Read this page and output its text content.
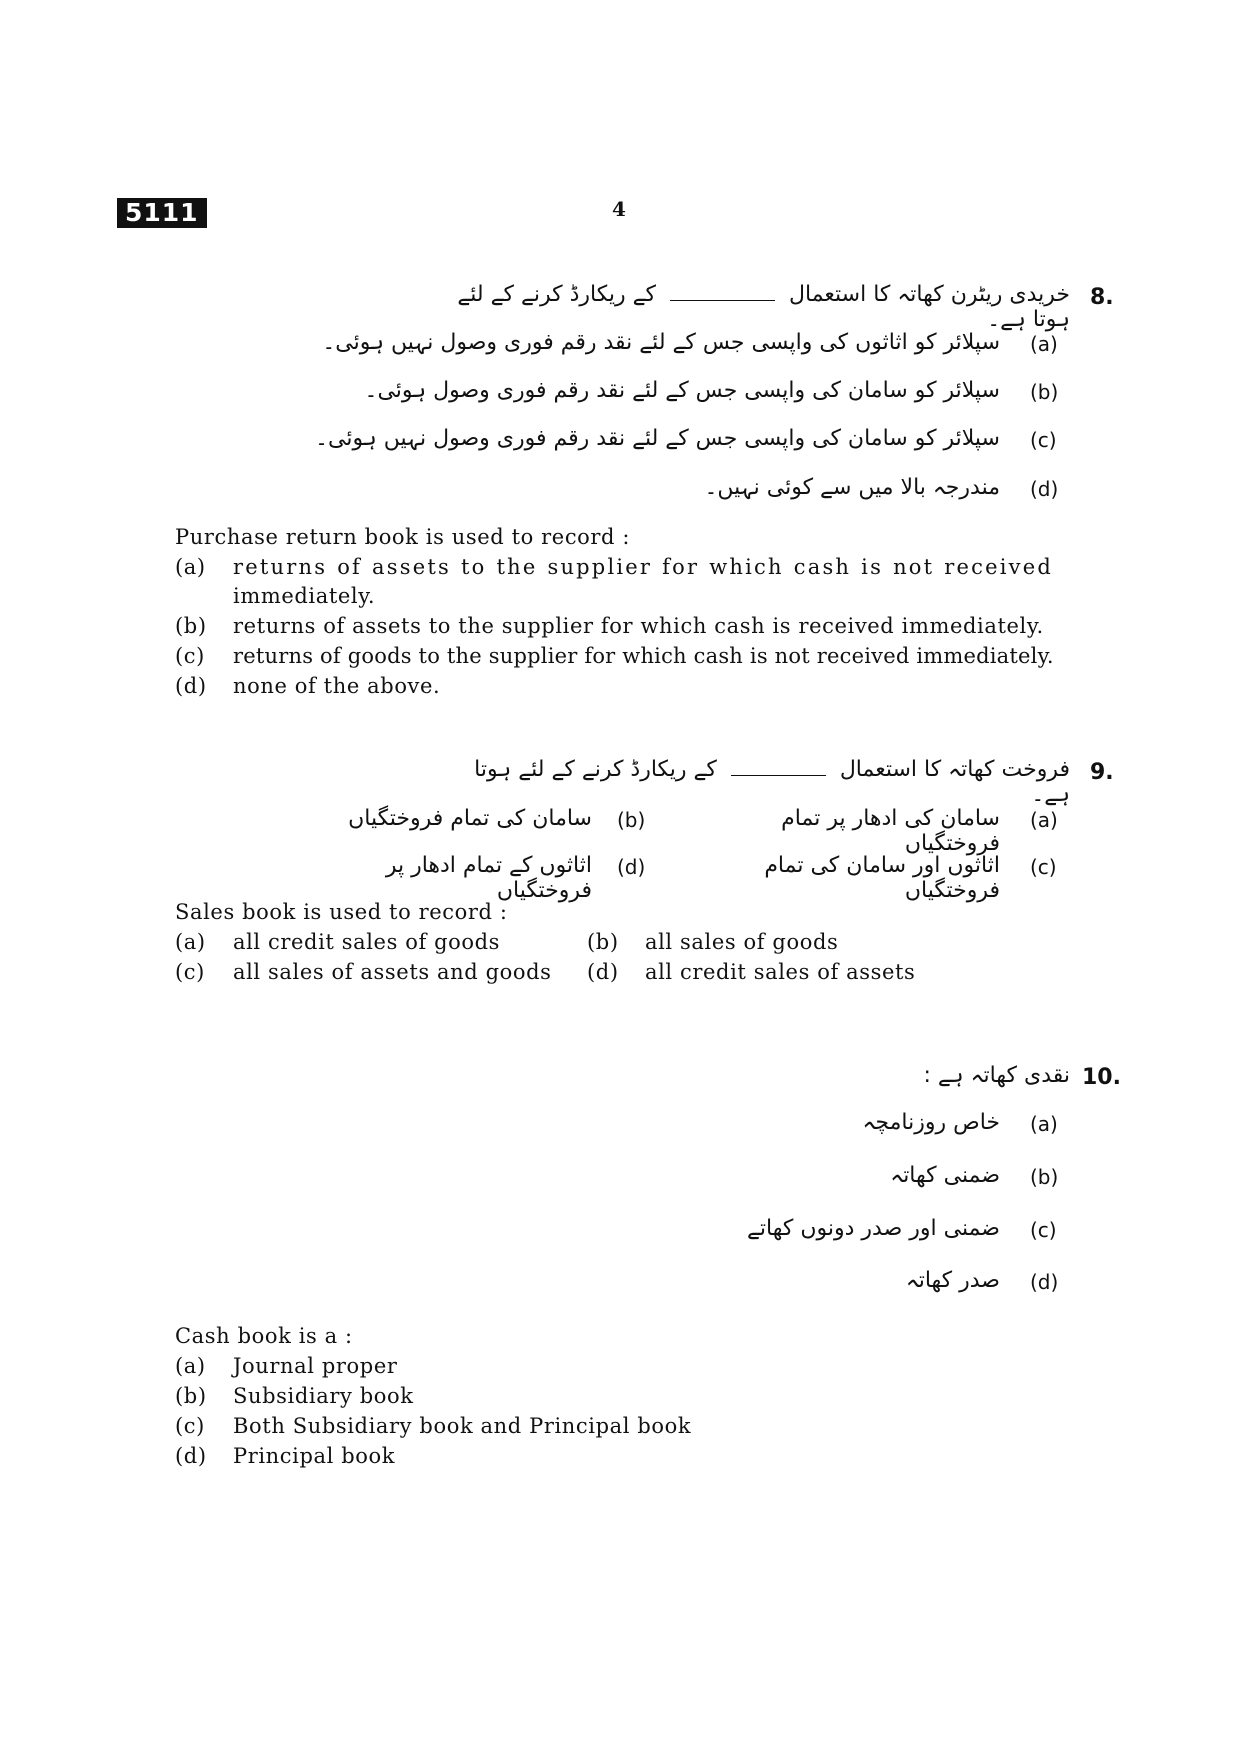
5111	4
8.
خریدی ریٹرن کھاتہ کا استعمالکے ریکارڈ کرنے کے لئے ہوتا ہے۔
(a)
سپلائر کو اثاثوں کی واپسی جس کے لئے نقد رقم فوری وصول نہیں ہوئی۔
(b)
سپلائر کو سامان کی واپسی جس کے لئے نقد رقم فوری وصول ہوئی۔
(c)
سپلائر کو سامان کی واپسی جس کے لئے نقد رقم فوری وصول نہیں ہوئی۔
(d)
مندرجہ بالا میں سے کوئی نہیں۔
Purchase return book is used to record :
(a) returns of assets to the supplier for which cash is not received
immediately.
(b) returns of assets to the supplier for which cash is received immediately.
(c) returns of goods to the supplier for which cash is not received immediately.
(d) none of the above.
9.
فروخت کھاتہ کا استعمالکے ریکارڈ کرنے کے لئے ہوتا ہے۔
(a)
سامان کی ادھار پر تمام فروختگیاں
(b)
سامان کی تمام فروختگیاں
(c)
اثاثوں اور سامان کی تمام فروختگیاں
(d)
اثاثوں کے تمام ادھار پر فروختگیاں
Sales book is used to record :
(a) all credit sales of goods	(b) all sales of goods
(c) all sales of assets and goods (d) all credit sales of assets
10.
نقدی کھاتہ ہے :
(a)
خاص روزنامچہ
(b)
ضمنی کھاتہ
(c)
ضمنی اور صدر دونوں کھاتے
(d)
صدر کھاتہ
Cash book is a :
(a) Journal proper
(b) Subsidiary book
(c) Both Subsidiary book and Principal book
(d) Principal book
